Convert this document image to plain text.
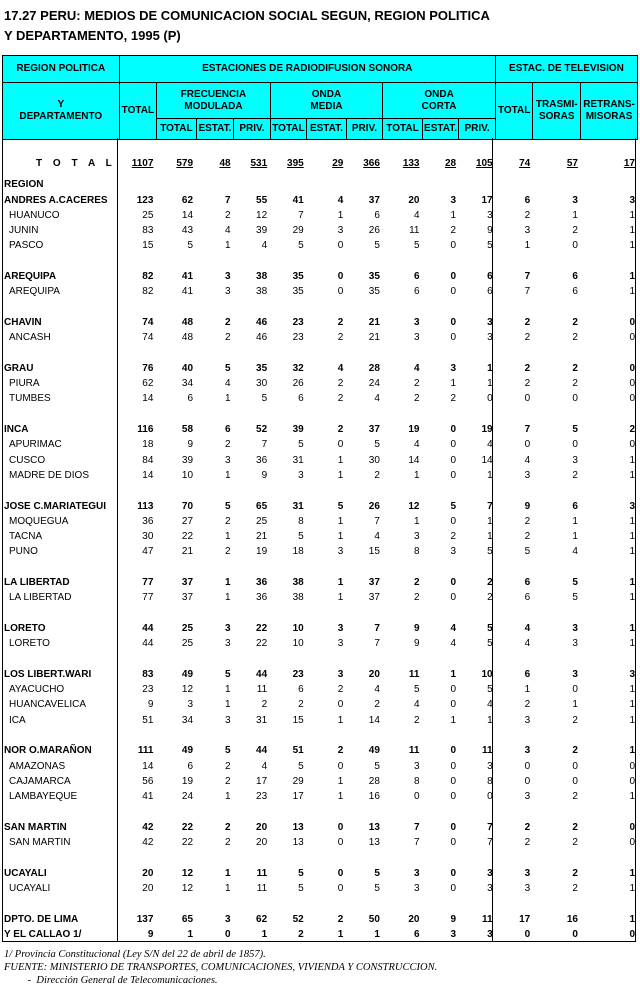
17.27 PERU: MEDIOS DE COMUNICACION SOCIAL SEGUN, REGION POLITICA
Y DEPARTAMENTO, 1995 (P)
REGION POLITICA	ESTACIONES DE RADIODIFUSION SONORA										ESTAC. DE TELEVISION		
Y
DEPARTAMENTO	TOTAL	FRECUENCIA
MODULADA			ONDA
MEDIA			ONDA
CORTA			TOTAL	TRASMI-
SORAS	RETRANS-
MISORAS
		TOTAL	ESTAT.	PRIV.	TOTAL	ESTAT.	PRIV.	TOTAL	ESTAT.	PRIV.			

T O T A L	1107	579	48	531	395	29	366	133	28	105	74	57	17

REGION													
ANDRES A.CACERES	123	62	7	55	41	4	37	20	3	17	6	3	3
HUANUCO	25	14	2	12	7	1	6	4	1	3	2	1	1
JUNIN	83	43	4	39	29	3	26	11	2	9	3	2	1
PASCO	15	5	1	4	5	0	5	5	0	5	1	0	1

AREQUIPA	82	41	3	38	35	0	35	6	0	6	7	6	1
AREQUIPA	82	41	3	38	35	0	35	6	0	6	7	6	1

CHAVIN	74	48	2	46	23	2	21	3	0	3	2	2	0
ANCASH	74	48	2	46	23	2	21	3	0	3	2	2	0

GRAU	76	40	5	35	32	4	28	4	3	1	2	2	0
PIURA	62	34	4	30	26	2	24	2	1	1	2	2	0
TUMBES	14	6	1	5	6	2	4	2	2	0	0	0	0

INCA	116	58	6	52	39	2	37	19	0	19	7	5	2
APURIMAC	18	9	2	7	5	0	5	4	0	4	0	0	0
CUSCO	84	39	3	36	31	1	30	14	0	14	4	3	1
MADRE DE DIOS	14	10	1	9	3	1	2	1	0	1	3	2	1

JOSE C.MARIATEGUI	113	70	5	65	31	5	26	12	5	7	9	6	3
MOQUEGUA	36	27	2	25	8	1	7	1	0	1	2	1	1
TACNA	30	22	1	21	5	1	4	3	2	1	2	1	1
PUNO	47	21	2	19	18	3	15	8	3	5	5	4	1

LA LIBERTAD	77	37	1	36	38	1	37	2	0	2	6	5	1
LA LIBERTAD	77	37	1	36	38	1	37	2	0	2	6	5	1

LORETO	44	25	3	22	10	3	7	9	4	5	4	3	1
LORETO	44	25	3	22	10	3	7	9	4	5	4	3	1

LOS LIBERT.WARI	83	49	5	44	23	3	20	11	1	10	6	3	3
AYACUCHO	23	12	1	11	6	2	4	5	0	5	1	0	1
HUANCAVELICA	9	3	1	2	2	0	2	4	0	4	2	1	1
ICA	51	34	3	31	15	1	14	2	1	1	3	2	1

NOR O.MARAÑON	111	49	5	44	51	2	49	11	0	11	3	2	1
AMAZONAS	14	6	2	4	5	0	5	3	0	3	0	0	0
CAJAMARCA	56	19	2	17	29	1	28	8	0	8	0	0	0
LAMBAYEQUE	41	24	1	23	17	1	16	0	0	0	3	2	1

SAN MARTIN	42	22	2	20	13	0	13	7	0	7	2	2	0
SAN MARTIN	42	22	2	20	13	0	13	7	0	7	2	2	0

UCAYALI	20	12	1	11	5	0	5	3	0	3	3	2	1
UCAYALI	20	12	1	11	5	0	5	3	0	3	3	2	1

DPTO. DE LIMA	137	65	3	62	52	2	50	20	9	11	17	16	1
Y EL CALLAO 1/	9	1	0	1	2	1	1	6	3	3	0	0	0
1/ Provincia Constitucional (Ley S/N del 22 de abril de 1857).
FUENTE: MINISTERIO DE TRANSPORTES, COMUNICACIONES, VIVIENDA Y CONSTRUCCION.
-  Dirección General de Telecomunicaciones.
